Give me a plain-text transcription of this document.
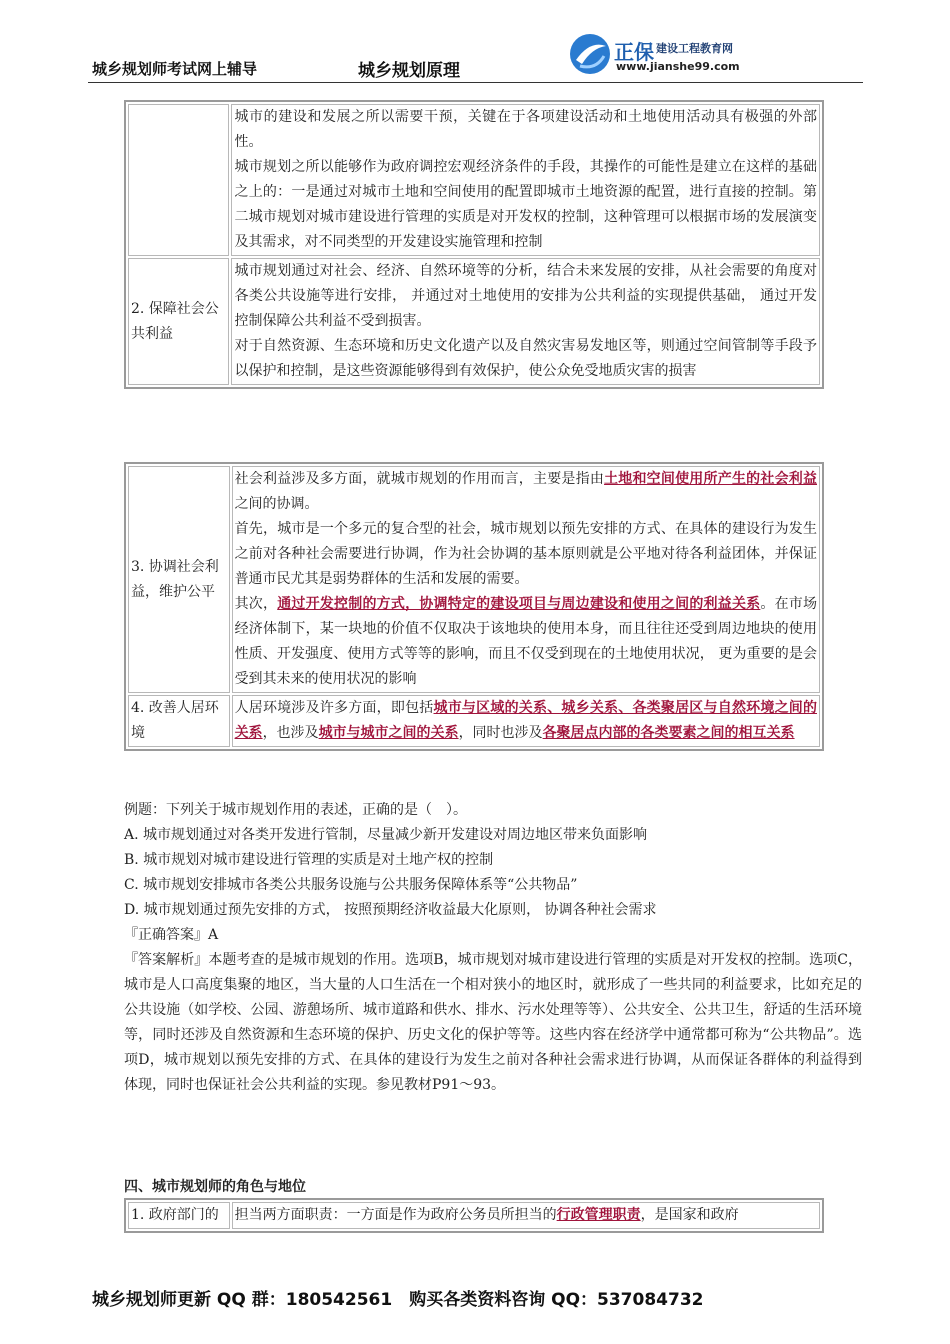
城乡规划师考试网上辅导	城乡规划原理
正保 建设工程教育网
www.jianshe99.com

	城市的建设和发展之所以需要干预，关键在于各项建设活动和土地使用活动具有极强的外部性。

城市规划之所以能够作为政府调控宏观经济条件的手段，其操作的可能性是建立在这样的基础之上的：一是通过对城市土地和空间使用的配置即城市土地资源的配置，进行直接的控制。第二城市规划对城市建设进行管理的实质是对开发权的控制，这种管理可以根据市场的发展演变及其需求，对不同类型的开发建设实施管理和控制

2. 保障社会公共利益	城市规划通过对社会、经济、自然环境等的分析，结合未来发展的安排，从社会需要的角度对各类公共设施等进行安排， 并通过对土地使用的安排为公共利益的实现提供基础， 通过开发控制保障公共利益不受到损害。

对于自然资源、生态环境和历史文化遗产以及自然灾害易发地区等，则通过空间管制等手段予以保护和控制，是这些资源能够得到有效保护，使公众免受地质灾害的损害

3. 协调社会利益，维护公平	社会利益涉及多方面，就城市规划的作用而言，主要是指由土地和空间使用所产生的社会利益之间的协调。

首先，城市是一个多元的复合型的社会，城市规划以预先安排的方式、在具体的建设行为发生之前对各种社会需要进行协调，作为社会协调的基本原则就是公平地对待各利益团体，并保证普通市民尤其是弱势群体的生活和发展的需要。

其次，通过开发控制的方式，协调特定的建设项目与周边建设和使用之间的利益关系。在市场经济体制下，某一块地的价值不仅取决于该地块的使用本身，而且往往还受到周边地块的使用性质、开发强度、使用方式等等的影响，而且不仅受到现在的土地使用状况， 更为重要的是会受到其未来的使用状况的影响

4. 改善人居环境	人居环境涉及许多方面，即包括城市与区域的关系、城乡关系、各类聚居区与自然环境之间的关系，也涉及城市与城市之间的关系，同时也涉及各聚居点内部的各类要素之间的相互关系

例题：下列关于城市规划作用的表述，正确的是（　）。

A. 城市规划通过对各类开发进行管制，尽量减少新开发建设对周边地区带来负面影响

B. 城市规划对城市建设进行管理的实质是对土地产权的控制

C. 城市规划安排城市各类公共服务设施与公共服务保障体系等“公共物品”

D. 城市规划通过预先安排的方式， 按照预期经济收益最大化原则， 协调各种社会需求

『正确答案』A

『答案解析』本题考查的是城市规划的作用。选项B，城市规划对城市建设进行管理的实质是对开发权的控制。选项C，城市是人口高度集聚的地区，当大量的人口生活在一个相对狭小的地区时，就形成了一些共同的利益要求，比如充足的公共设施（如学校、公园、游憩场所、城市道路和供水、排水、污水处理等等）、公共安全、公共卫生，舒适的生活环境等，同时还涉及自然资源和生态环境的保护、历史文化的保护等等。这些内容在经济学中通常都可称为“公共物品”。选项D，城市规划以预先安排的方式、在具体的建设行为发生之前对各种社会需求进行协调，从而保证各群体的利益得到体现，同时也保证社会公共利益的实现。参见教材P91～93。

四、城市规划师的角色与地位
1. 政府部门的	担当两方面职责：一方面是作为政府公务员所担当的行政管理职责，是国家和政府
城乡规划师更新 QQ 群：180542561　购买各类资料咨询 QQ：537084732
